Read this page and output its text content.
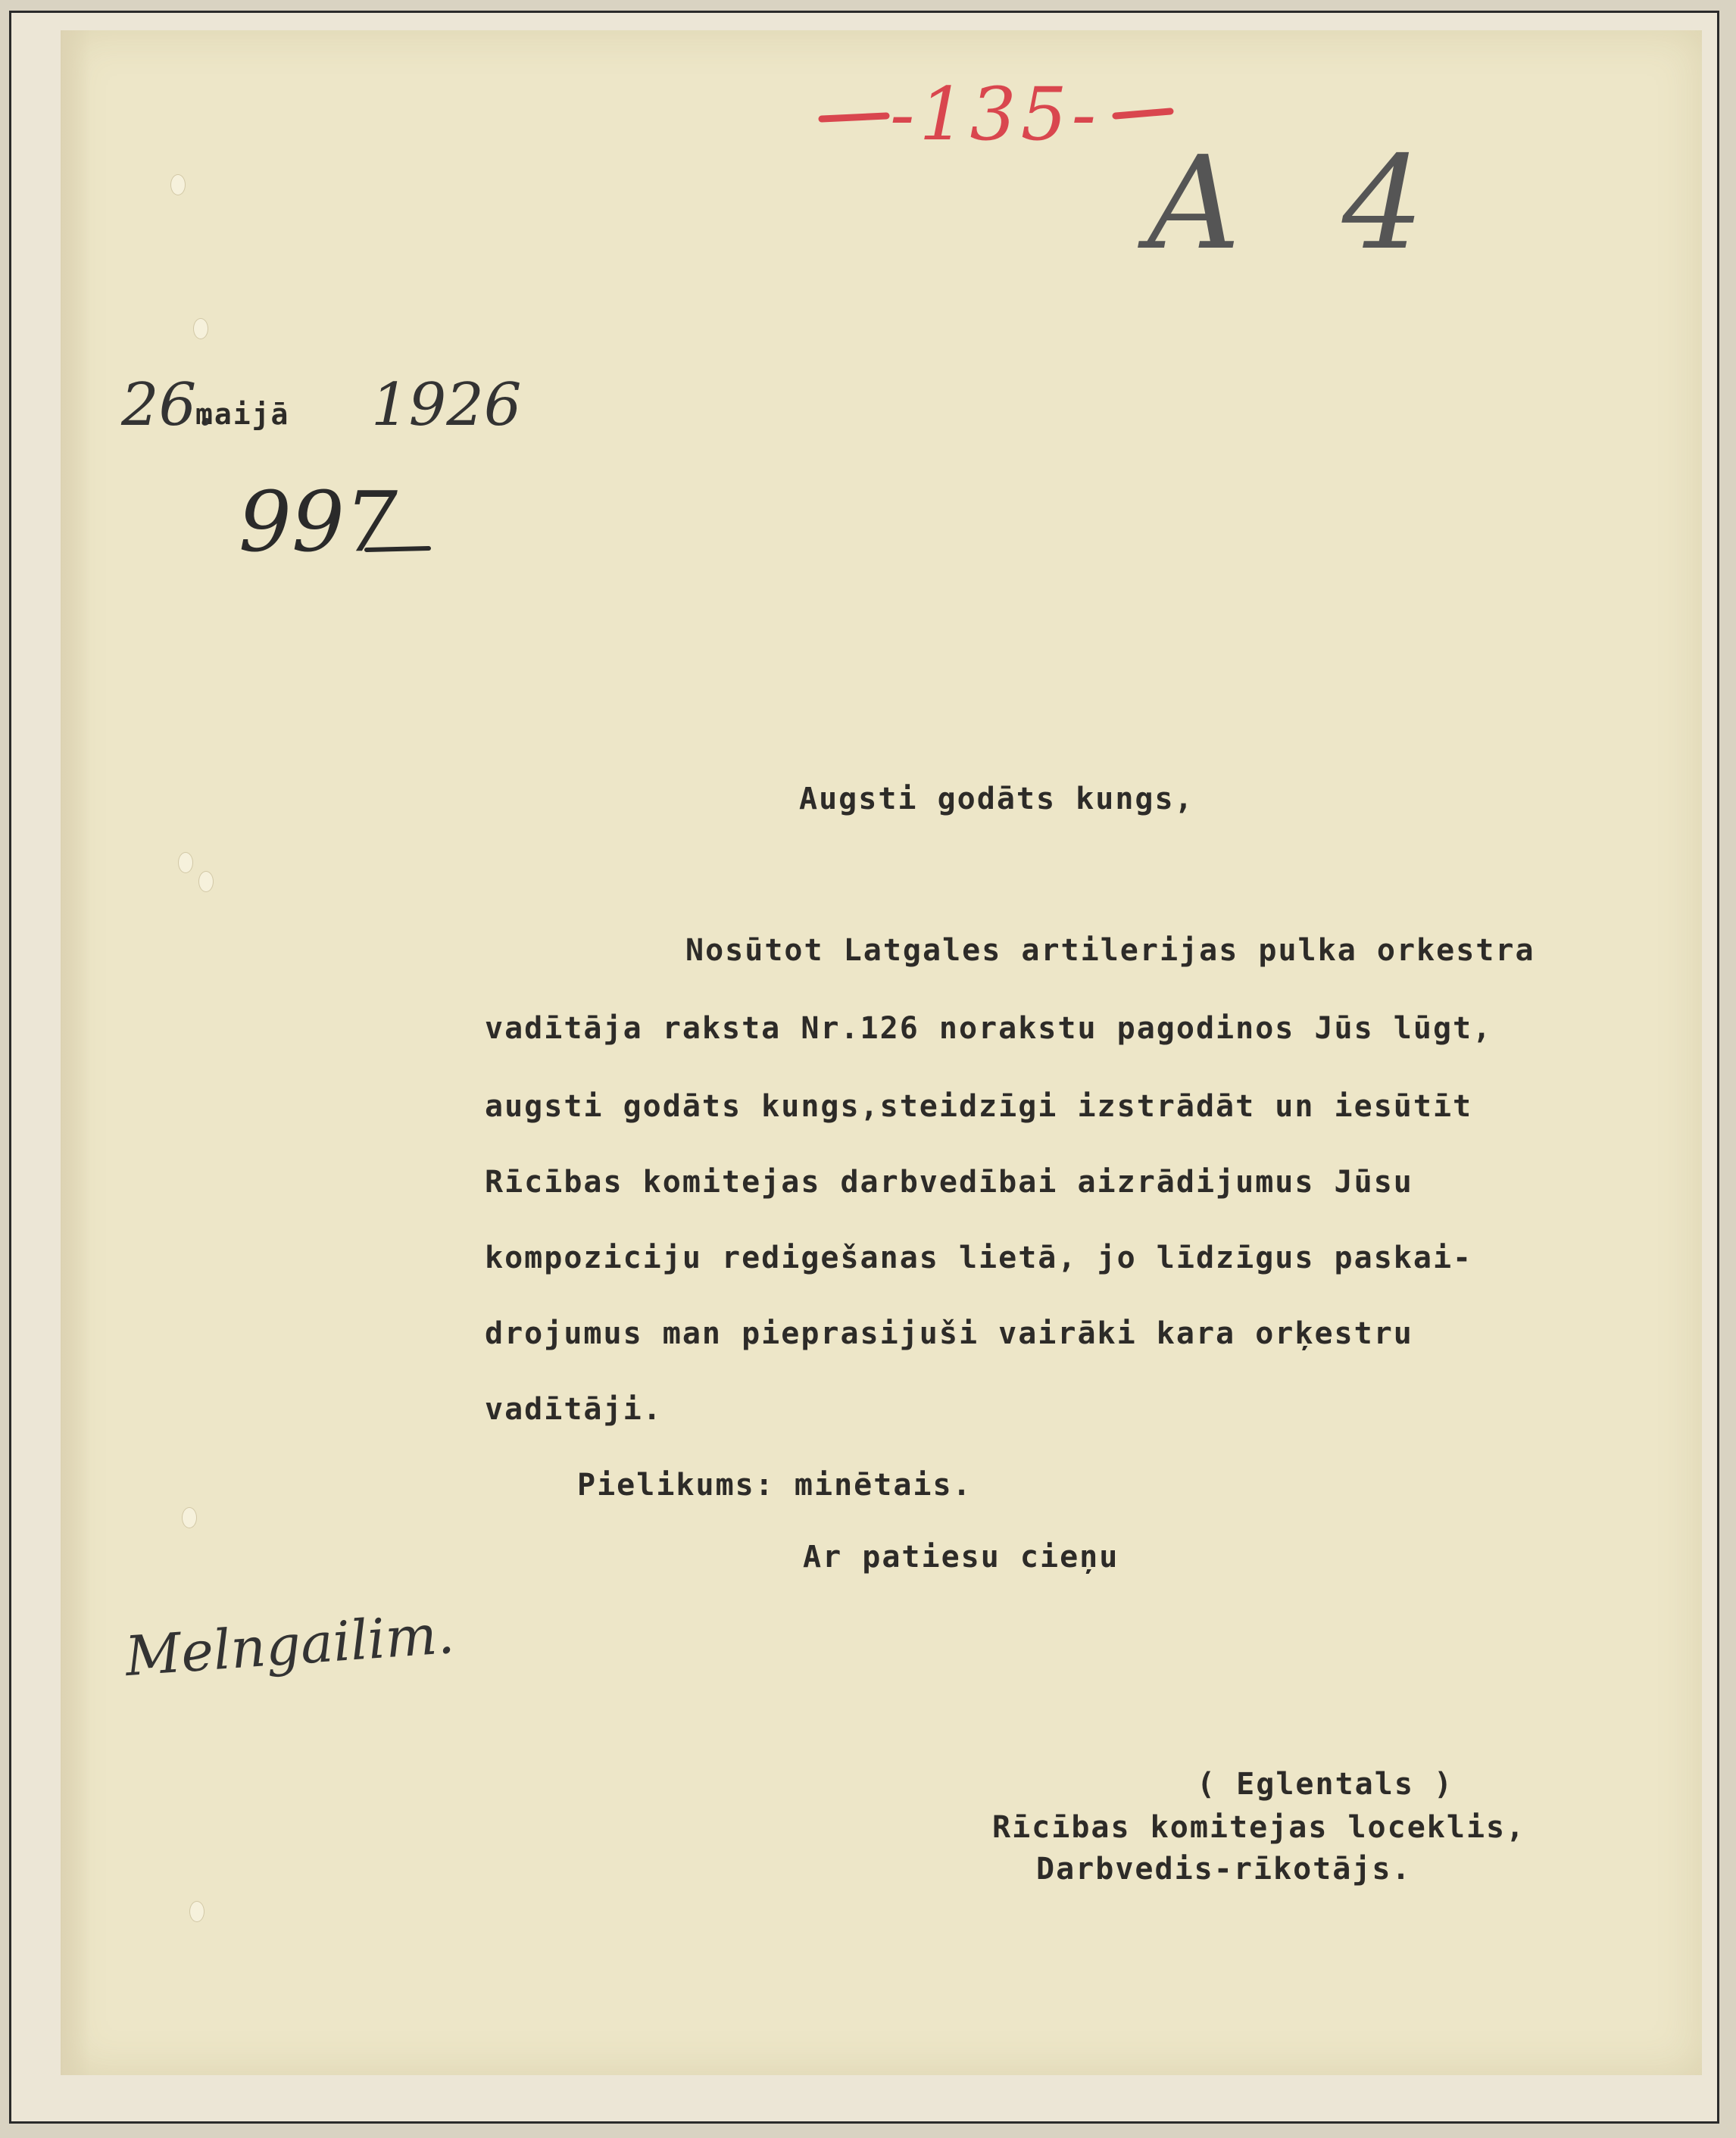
-135-
A 4
26.
maijā 1926
997
Augsti godāts kungs,
Nosūtot Latgales artilerijas pulka orkestra
vadītāja raksta Nr.126 norakstu pagodinos Jūs lūgt,
augsti godāts kungs,steidzīgi izstrādāt un iesūtīt
Rīcības komitejas darbvedībai aizrādijumus Jūsu
kompoziciju redigešanas lietā, jo līdzīgus paskai-
drojumus man pieprasijuši vairāki kara orķestru
vadītāji.
Pielikums: minētais.
Ar patiesu cieņu
Melngailim.
( Eglentals )
Rīcības komitejas loceklis,
Darbvedis-rīkotājs.
